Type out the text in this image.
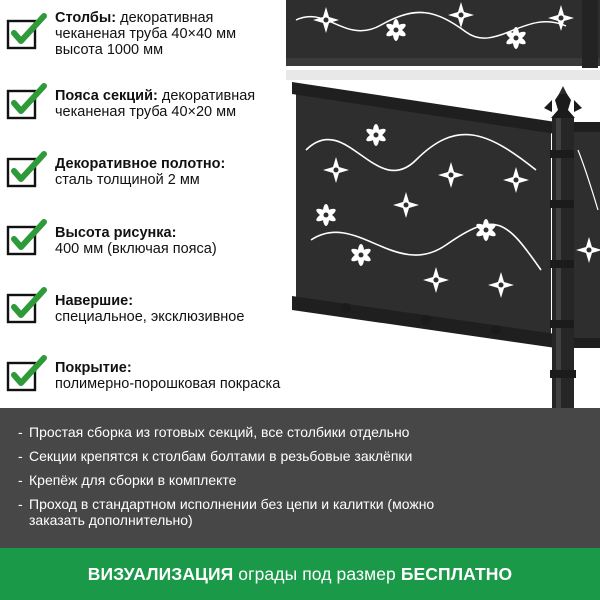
Столбы: декоративная
чеканеная труба 40×40 мм
высота 1000 мм
Пояса секций: декоративная
чеканеная труба 40×20 мм
Декоративное полотно:
сталь толщиной 2 мм
Высота рисунка:
400 мм (включая пояса)
Навершие:
специальное, эксклюзивное
Покрытие:
полимерно-порошковая покраска
- Простая сборка из готовых секций, все столбики отдельно
- Секции крепятся к столбам болтами в резьбовые заклёпки
- Крепёж для сборки в комплекте
- Проход в стандартном исполнении без цепи и калитки (можно заказать дополнительно)
ВИЗУАЛИЗАЦИЯ ограды под размер БЕСПЛАТНО
